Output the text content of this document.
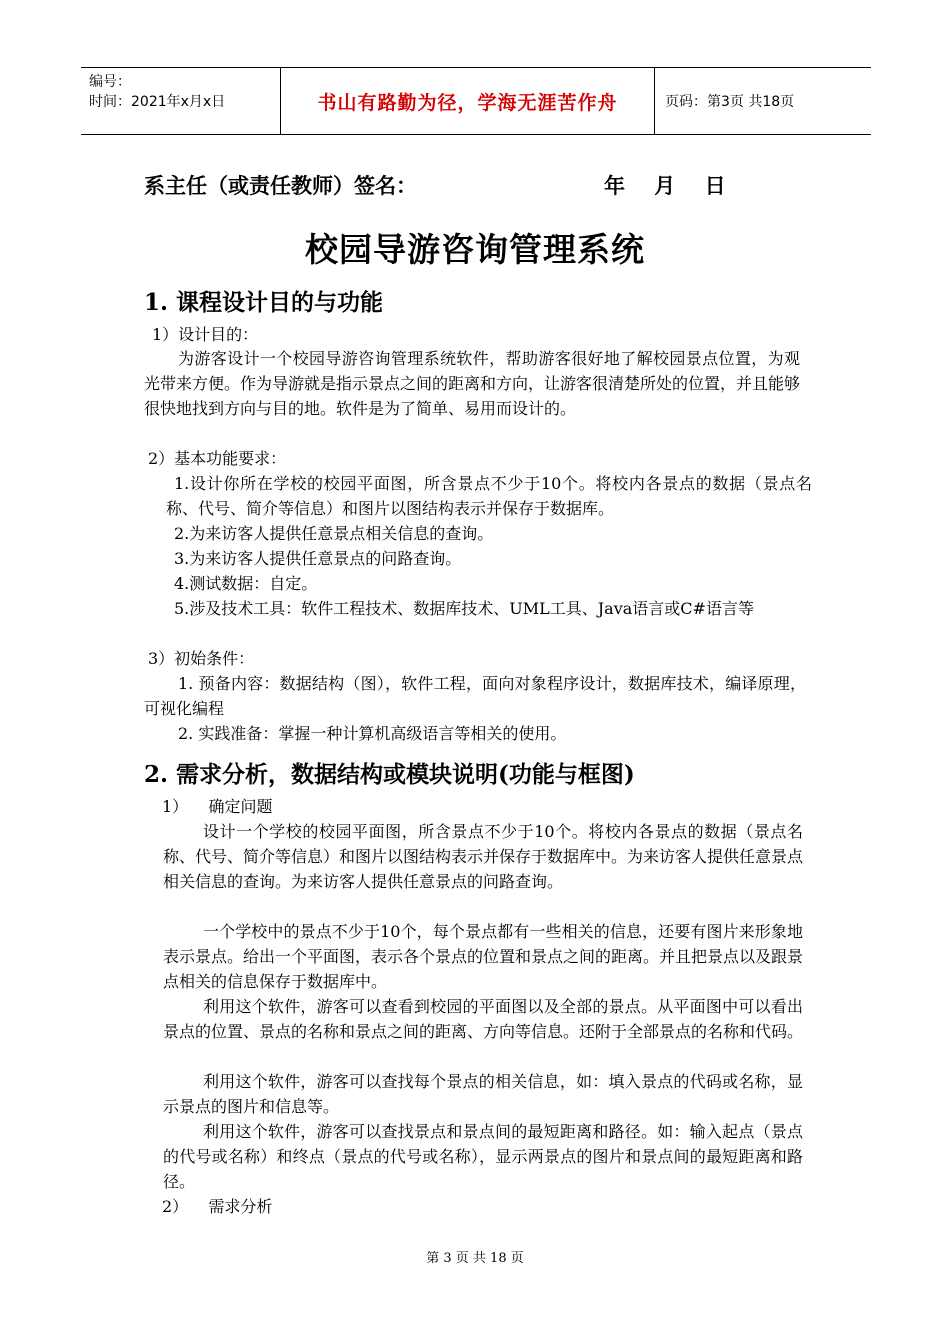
编号：
时间：2021年x月x日	书山有路勤为径，学海无涯苦作舟	页码：第3页 共18页
系主任（或责任教师）签名：	年 月 日
校园导游咨询管理系统
1. 课程设计目的与功能
1）设计目的：
为游客设计一个校园导游咨询管理系统软件，帮助游客很好地了解校园景点位置，为观光带来方便。作为导游就是指示景点之间的距离和方向，让游客很清楚所处的位置，并且能够很快地找到方向与目的地。软件是为了简单、易用而设计的。
2）基本功能要求：
1.设计你所在学校的校园平面图，所含景点不少于10个。将校内各景点的数据（景点名称、代号、简介等信息）和图片以图结构表示并保存于数据库。
2.为来访客人提供任意景点相关信息的查询。
3.为来访客人提供任意景点的问路查询。
4.测试数据：自定。
5.涉及技术工具：软件工程技术、数据库技术、UML工具、Java语言或C#语言等
3）初始条件：
1. 预备内容：数据结构（图），软件工程，面向对象程序设计，数据库技术，编译原理，可视化编程
2. 实践准备：掌握一种计算机高级语言等相关的使用。
2. 需求分析，数据结构或模块说明(功能与框图)
1）    确定问题
设计一个学校的校园平面图，所含景点不少于10个。将校内各景点的数据（景点名称、代号、简介等信息）和图片以图结构表示并保存于数据库中。为来访客人提供任意景点相关信息的查询。为来访客人提供任意景点的问路查询。
一个学校中的景点不少于10个，每个景点都有一些相关的信息，还要有图片来形象地表示景点。给出一个平面图，表示各个景点的位置和景点之间的距离。并且把景点以及跟景点相关的信息保存于数据库中。
利用这个软件，游客可以查看到校园的平面图以及全部的景点。从平面图中可以看出景点的位置、景点的名称和景点之间的距离、方向等信息。还附于全部景点的名称和代码。
利用这个软件，游客可以查找每个景点的相关信息，如：填入景点的代码或名称，显示景点的图片和信息等。
利用这个软件，游客可以查找景点和景点间的最短距离和路径。如：输入起点（景点的代号或名称）和终点（景点的代号或名称），显示两景点的图片和景点间的最短距离和路径。
2）    需求分析
第 3 页 共 18 页
